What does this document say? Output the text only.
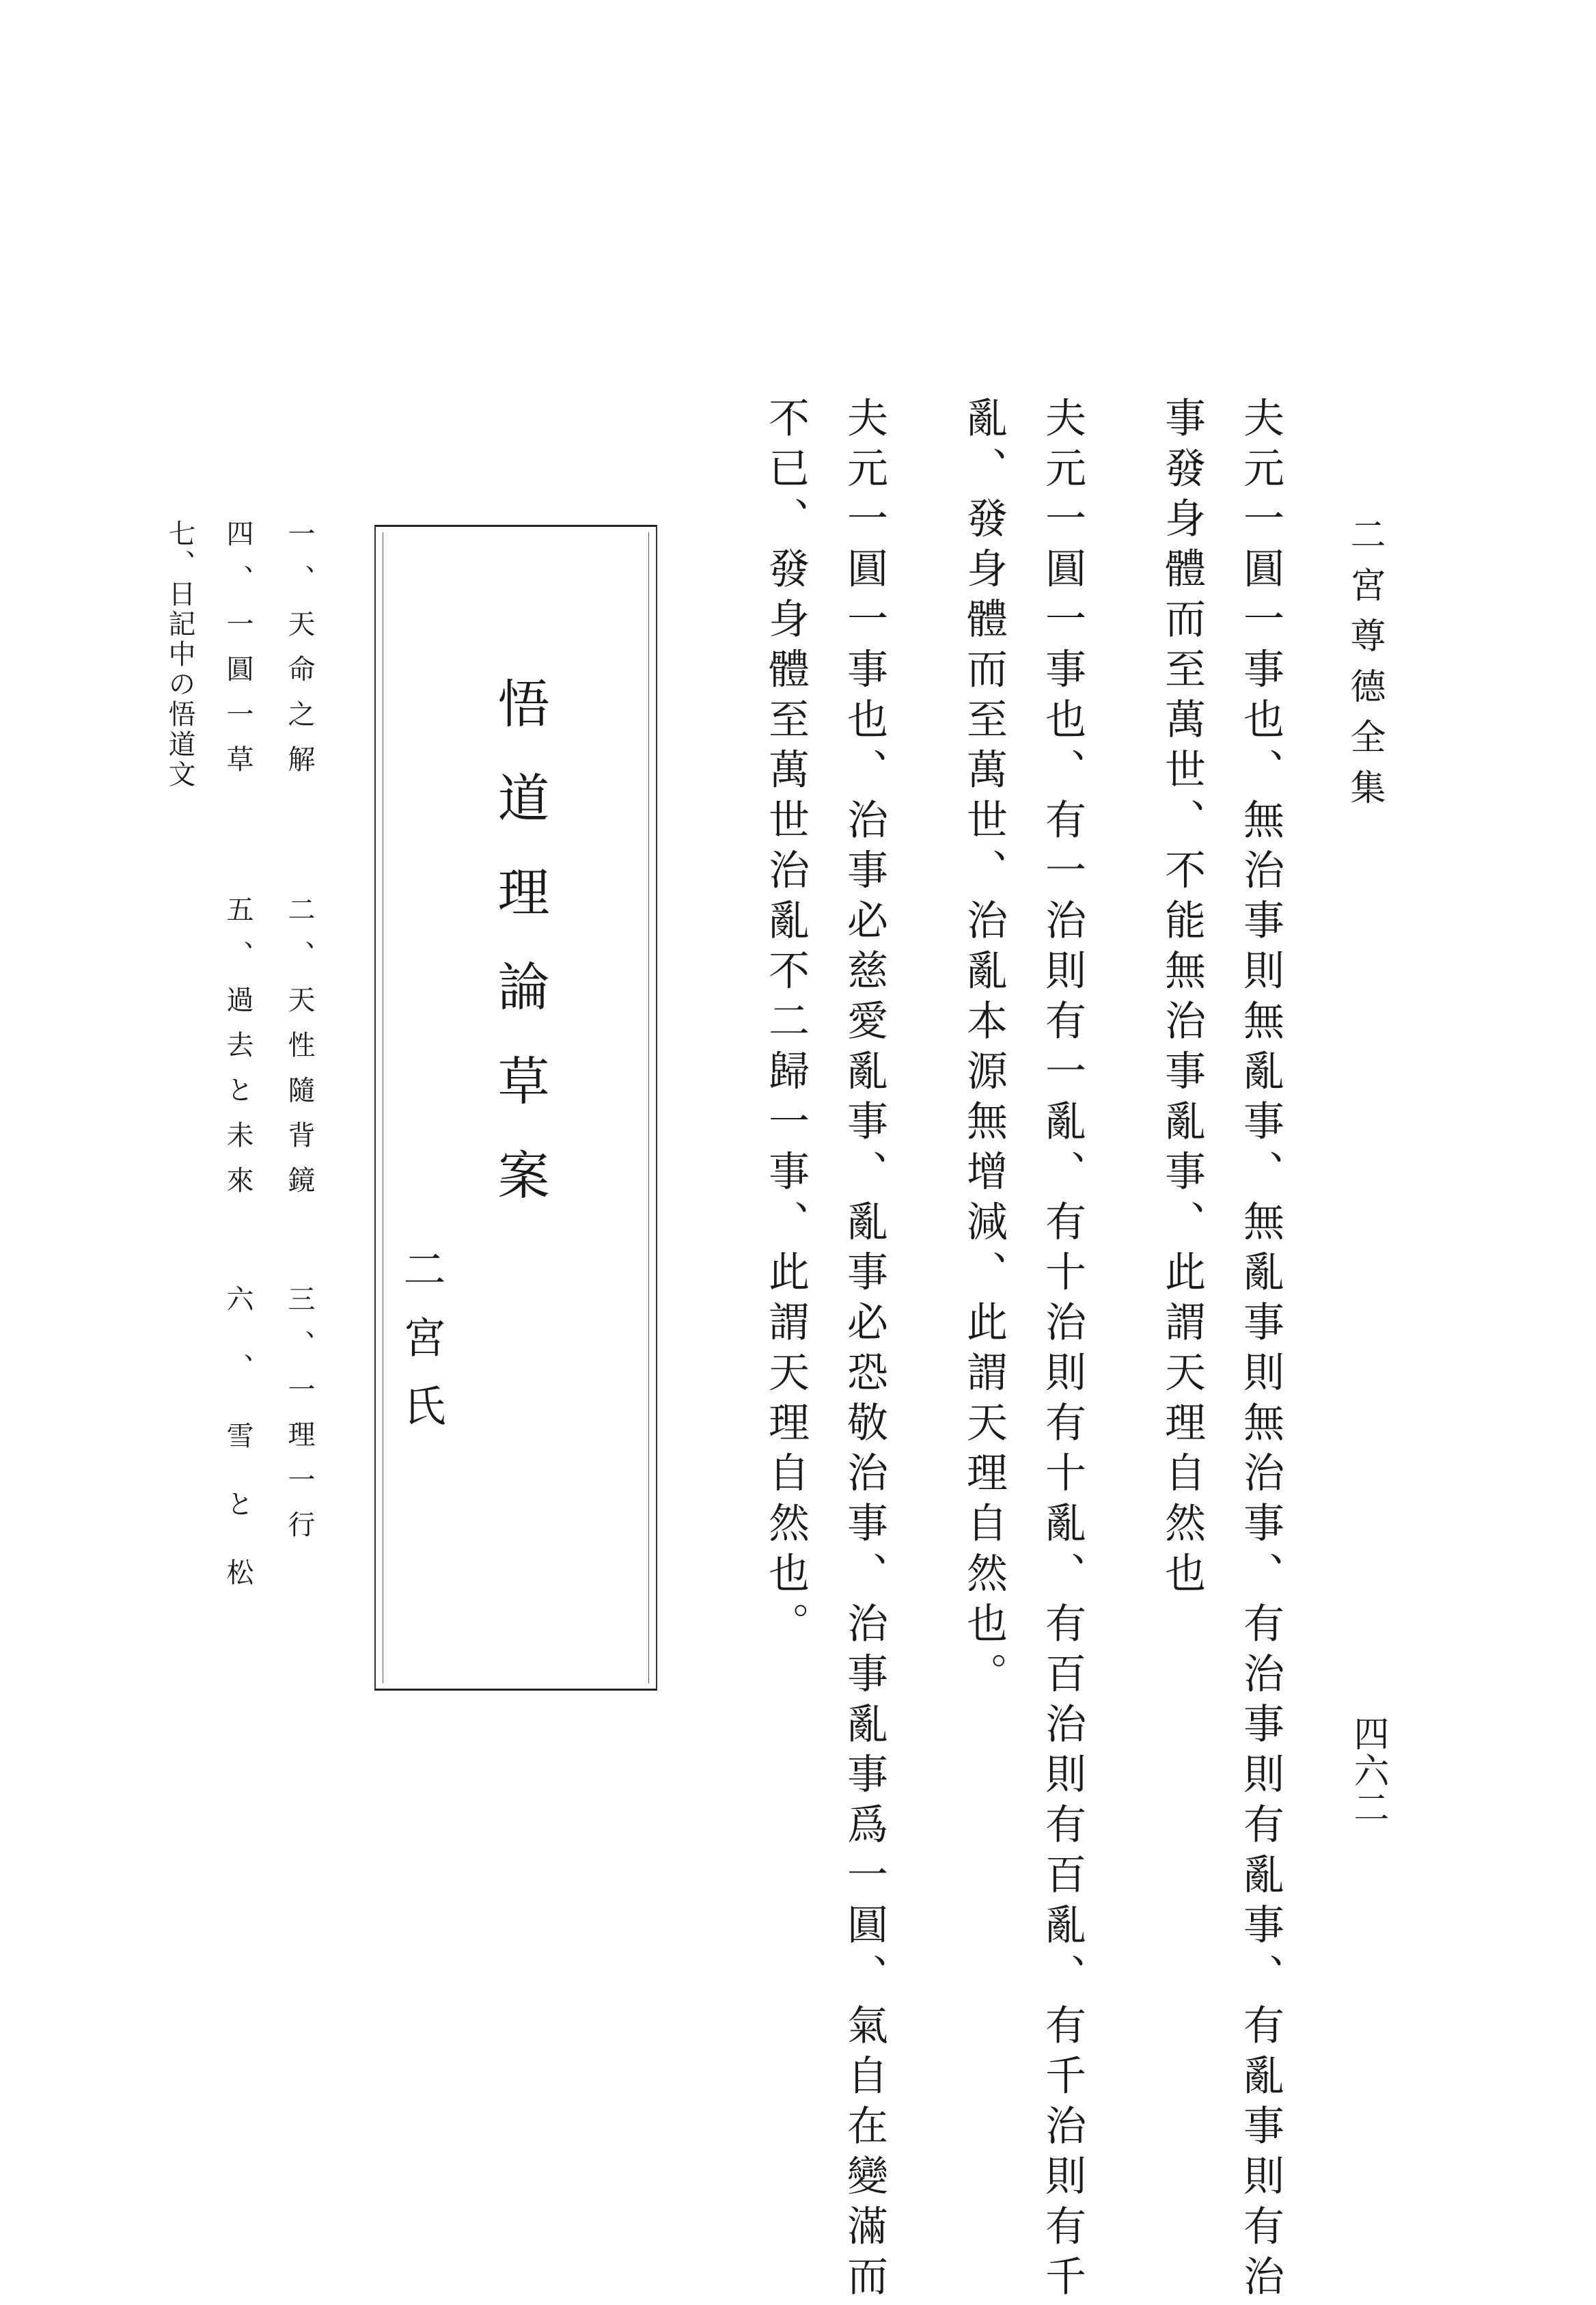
二宮尊德全集
四六二
夫元一圓一事也、無治事則無亂事、無亂事則無治事、有治事則有亂事、有亂事則有治
事發身體而至萬世、不能無治事亂事、此謂天理自然也
夫元一圓一事也、有一治則有一亂、有十治則有十亂、有百治則有百亂、有千治則有千
亂、發身體而至萬世、治亂本源無增減、此謂天理自然也。
夫元一圓一事也、治事必慈愛亂事、亂事必恐敬治事、治事亂事爲一圓、氣自在變滿而
不已、發身體至萬世治亂不二歸一事、此謂天理自然也。
悟道理論草案
二宮氏
一、天命之解
二、天性隨背鏡
三、一理一行
四、一圓一草
五、過去と未來
六、雪と松
七、日記中の悟道文
